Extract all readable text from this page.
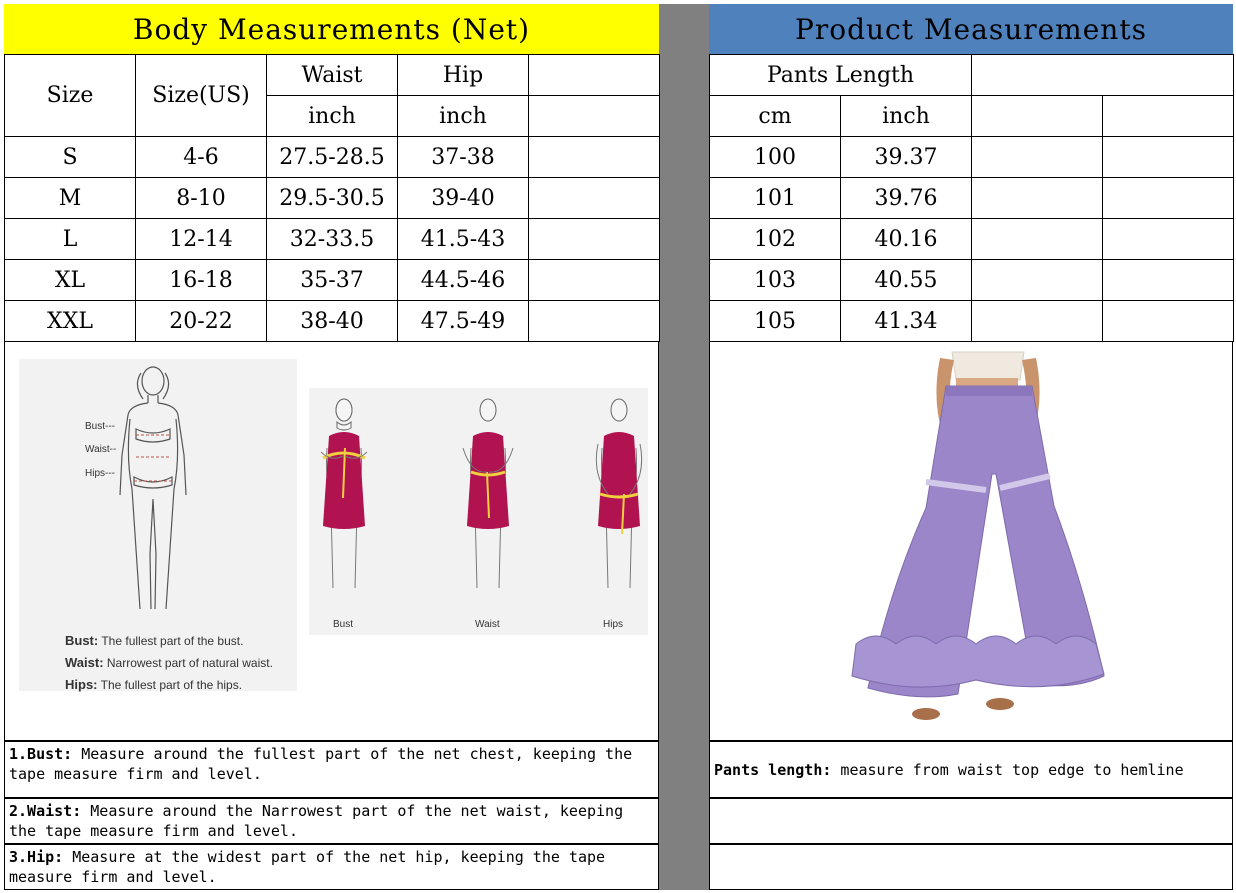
Body Measurements (Net)	Product Measurements
Size	Size(US)	Waist	Hip	
		inch	inch	
S	4-6	27.5-28.5	37-38	
M	8-10	29.5-30.5	39-40	
L	12-14	32-33.5	41.5-43	
XL	16-18	35-37	44.5-46	
XXL	20-22	38-40	47.5-49	
Pants Length			
cm	inch		
100	39.37		
101	39.76		
102	40.16		
103	40.55		
105	41.34		
Bust---
Waist--
Hips---
Bust: The fullest part of the bust.
Waist: Narrowest part of natural waist.
Hips: The fullest part of the hips.
Bust	Waist	Hips
1.Bust: Measure around the fullest part of the net chest, keeping the tape measure firm and level.
2.Waist: Measure around the Narrowest part of the net waist, keeping the tape measure firm and level.
3.Hip: Measure at the widest part of the net hip, keeping the tape measure firm and level.
Pants length: measure from waist top edge to hemline
